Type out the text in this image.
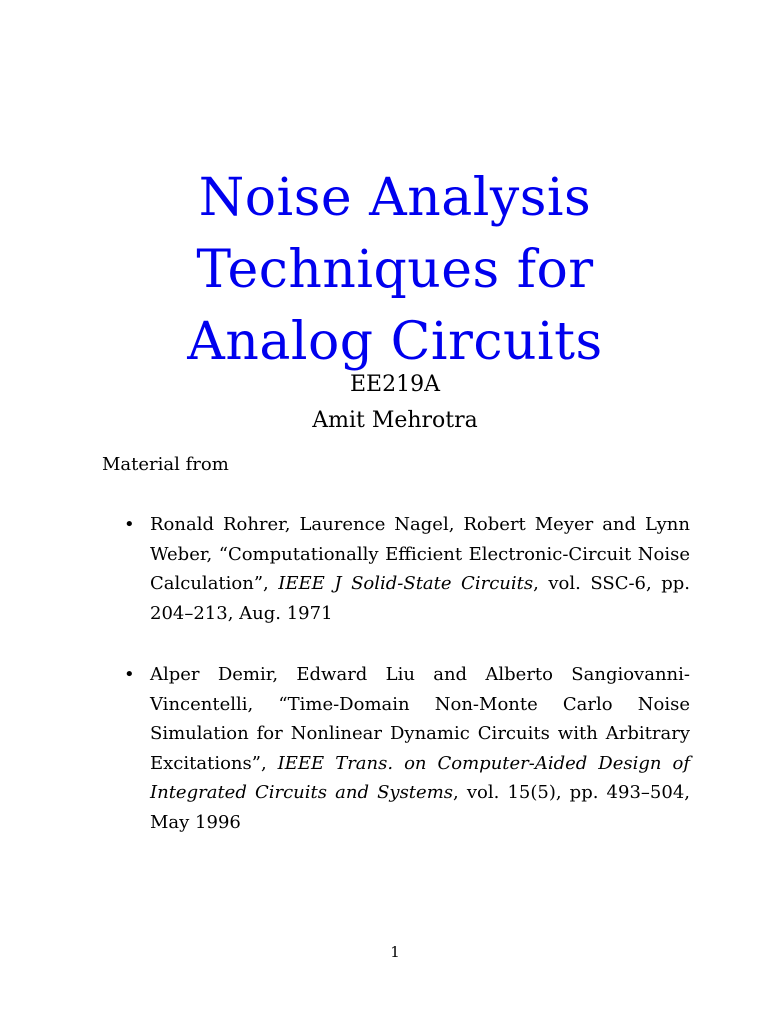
Noise Analysis
Techniques for
Analog Circuits
EE219A
Amit Mehrotra
Material from
• Ronald Rohrer, Laurence Nagel, Robert Meyer and Lynn Weber, “Computationally Efficient Electronic-Circuit Noise Calculation”, IEEE J Solid-State Circuits, vol. SSC-6, pp. 204–213, Aug. 1971
• Alper Demir, Edward Liu and Alberto Sangiovanni-Vincentelli, “Time-Domain Non-Monte Carlo Noise Simulation for Nonlinear Dynamic Circuits with Arbitrary Excitations”, IEEE Trans. on Computer-Aided Design of Integrated Circuits and Systems, vol. 15(5), pp. 493–504, May 1996
1
